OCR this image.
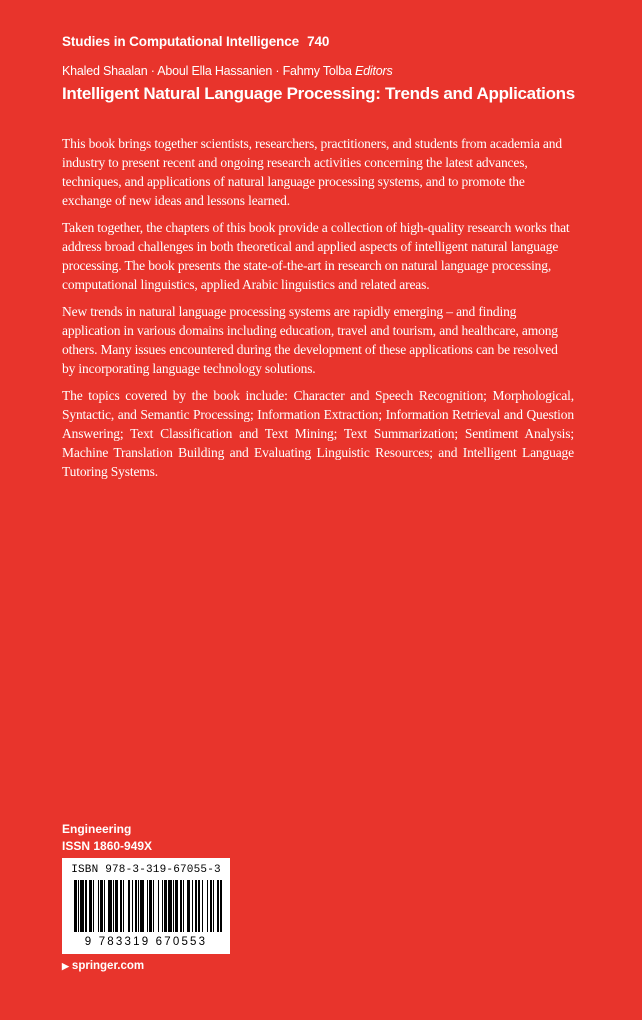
Studies in Computational Intelligence 740
Khaled Shaalan · Aboul Ella Hassanien · Fahmy Tolba Editors
Intelligent Natural Language Processing: Trends and Applications

This book brings together scientists, researchers, practitioners, and students from academia and industry to present recent and ongoing research activities concerning the latest advances, techniques, and applications of natural language processing systems, and to promote the exchange of new ideas and lessons learned.

Taken together, the chapters of this book provide a collection of high-quality research works that address broad challenges in both theoretical and applied aspects of intelligent natural language processing. The book presents the state-of-the-art in research on natural language processing, computational linguistics, applied Arabic linguistics and related areas.

New trends in natural language processing systems are rapidly emerging – and finding application in various domains including education, travel and tourism, and healthcare, among others. Many issues encountered during the development of these applications can be resolved by incorporating language technology solutions.

The topics covered by the book include: Character and Speech Recognition; Morphological, Syntactic, and Semantic Processing; Information Extraction; Information Retrieval and Question Answering; Text Classification and Text Mining; Text Summarization; Sentiment Analysis; Machine Translation Building and Evaluating Linguistic Resources; and Intelligent Language Tutoring Systems.

Engineering
ISSN 1860-949X
ISBN 978-3-319-67055-3
9 783319 670553
▶ springer.com
